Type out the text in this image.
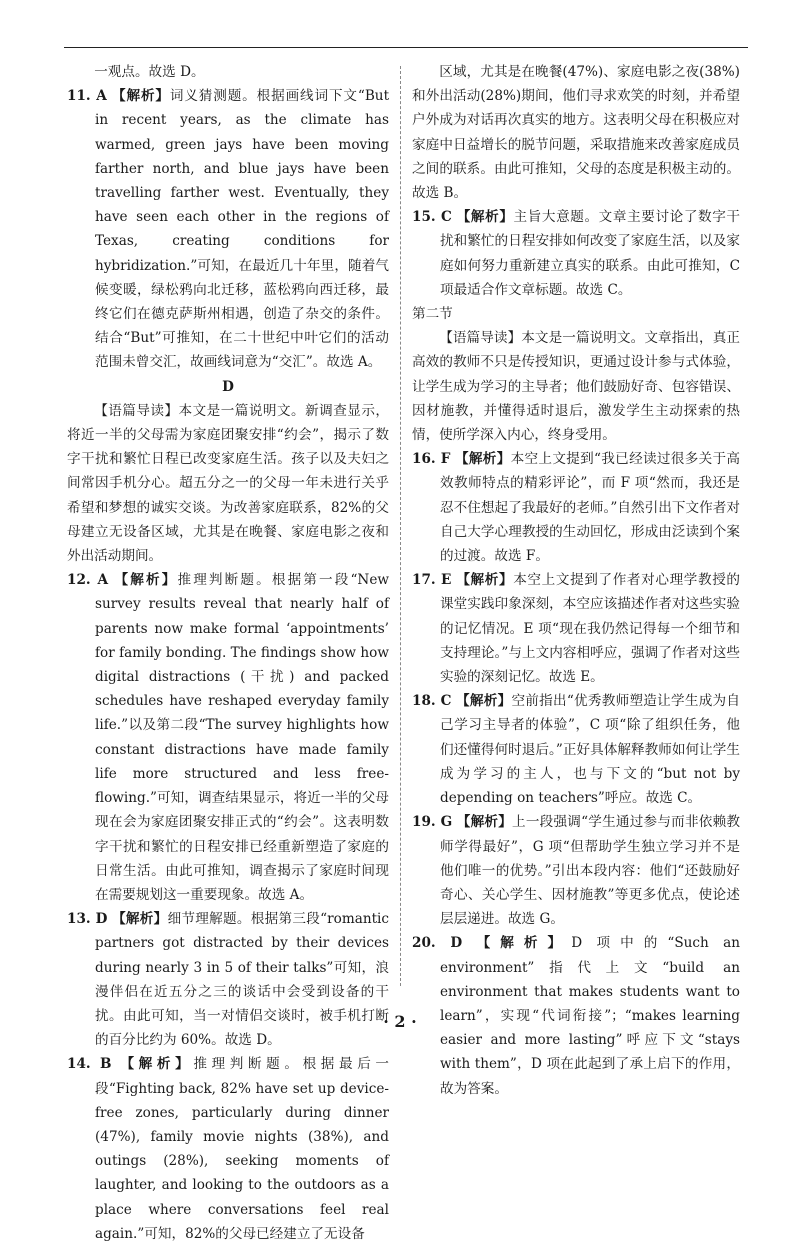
一观点。故选 D。

11. A 【解析】词义猜测题。根据画线词下文“But in recent years, as the climate has warmed, green jays have been moving farther north, and blue jays have been travelling farther west. Eventually, they have seen each other in the regions of Texas, creating conditions for hybridization.”可知，在最近几十年里，随着气候变暖，绿松鸦向北迁移，蓝松鸦向西迁移，最终它们在德克萨斯州相遇，创造了杂交的条件。结合“But”可推知，在二十世纪中叶它们的活动范围未曾交汇，故画线词意为“交汇”。故选 A。

D

【语篇导读】本文是一篇说明文。新调查显示，将近一半的父母需为家庭团聚安排“约会”，揭示了数字干扰和繁忙日程已改变家庭生活。孩子以及夫妇之间常因手机分心。超五分之一的父母一年未进行关乎希望和梦想的诚实交谈。为改善家庭联系，82%的父母建立无设备区域，尤其是在晚餐、家庭电影之夜和外出活动期间。

12. A 【解析】推理判断题。根据第一段“New survey results reveal that nearly half of parents now make formal ‘appointments’ for family bonding. The findings show how digital distractions (干扰) and packed schedules have reshaped everyday family life.”以及第二段“The survey highlights how constant distractions have made family life more structured and less free-flowing.”可知，调查结果显示，将近一半的父母现在会为家庭团聚安排正式的“约会”。这表明数字干扰和繁忙的日程安排已经重新塑造了家庭的日常生活。由此可推知，调查揭示了家庭时间现在需要规划这一重要现象。故选 A。

13. D 【解析】细节理解题。根据第三段“romantic partners got distracted by their devices during nearly 3 in 5 of their talks”可知，浪漫伴侣在近五分之三的谈话中会受到设备的干扰。由此可知，当一对情侣交谈时，被手机打断的百分比约为 60%。故选 D。

14. B 【解析】推理判断题。根据最后一段“Fighting back, 82% have set up device-free zones, particularly during dinner (47%), family movie nights (38%), and outings (28%), seeking moments of laughter, and looking to the outdoors as a place where conversations feel real again.”可知，82%的父母已经建立了无设备

区域，尤其是在晚餐(47%)、家庭电影之夜(38%)和外出活动(28%)期间，他们寻求欢笑的时刻，并希望户外成为对话再次真实的地方。这表明父母在积极应对家庭中日益增长的脱节问题，采取措施来改善家庭成员之间的联系。由此可推知，父母的态度是积极主动的。故选 B。

15. C 【解析】主旨大意题。文章主要讨论了数字干扰和繁忙的日程安排如何改变了家庭生活，以及家庭如何努力重新建立真实的联系。由此可推知，C 项最适合作文章标题。故选 C。

第二节

【语篇导读】本文是一篇说明文。文章指出，真正高效的教师不只是传授知识，更通过设计参与式体验，让学生成为学习的主导者；他们鼓励好奇、包容错误、因材施教，并懂得适时退后，激发学生主动探索的热情，使所学深入内心，终身受用。

16. F 【解析】本空上文提到“我已经读过很多关于高效教师特点的精彩评论”，而 F 项“然而，我还是忍不住想起了我最好的老师。”自然引出下文作者对自己大学心理教授的生动回忆，形成由泛读到个案的过渡。故选 F。

17. E 【解析】本空上文提到了作者对心理学教授的课堂实践印象深刻，本空应该描述作者对这些实验的记忆情况。E 项“现在我仍然记得每一个细节和支持理论。”与上文内容相呼应，强调了作者对这些实验的深刻记忆。故选 E。

18. C 【解析】空前指出“优秀教师塑造让学生成为自己学习主导者的体验”，C 项“除了组织任务，他们还懂得何时退后。”正好具体解释教师如何让学生成为学习的主人，也与下文的“but not by depending on teachers”呼应。故选 C。

19. G 【解析】上一段强调“学生通过参与而非依赖教师学得最好”，G 项“但帮助学生独立学习并不是他们唯一的优势。”引出本段内容：他们“还鼓励好奇心、关心学生、因材施教”等更多优点，使论述层层递进。故选 G。

20. D 【解析】D 项中的“Such an environment”指代上文“build an environment that makes students want to learn”，实现“代词衔接”；“makes learning easier and more lasting”呼应下文“stays with them”，D 项在此起到了承上启下的作用，故为答案。

· 2 ·
